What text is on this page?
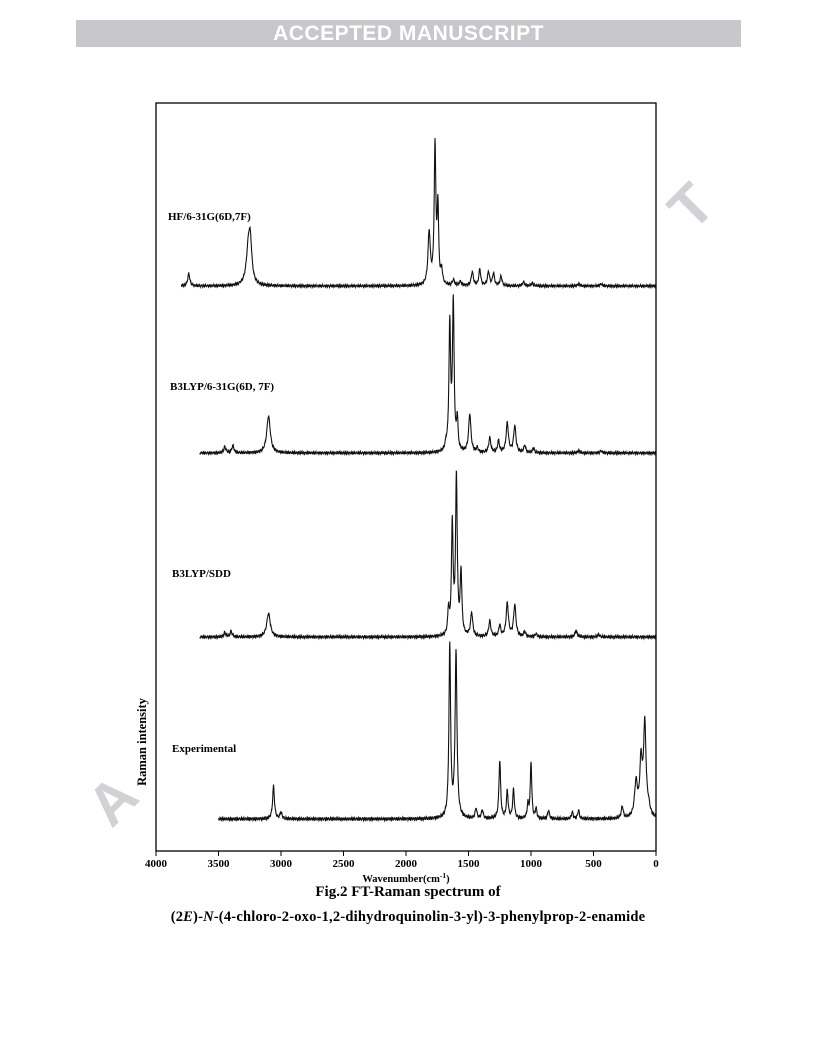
ACCEPTED MANUSCRIPT
T
A
HF/6-31G(6D,7F)
B3LYP/6-31G(6D, 7F)
B3LYP/SDD
Experimental
4000	3500	3000	2500	2000	1500	1000	500	0
Raman intensity
$Wavenumber(cm^{-1})$
Fig.2 FT-Raman spectrum of
(2E)-N-(4-chloro-2-oxo-1,2-dihydroquinolin-3-yl)-3-phenylprop-2-enamide
